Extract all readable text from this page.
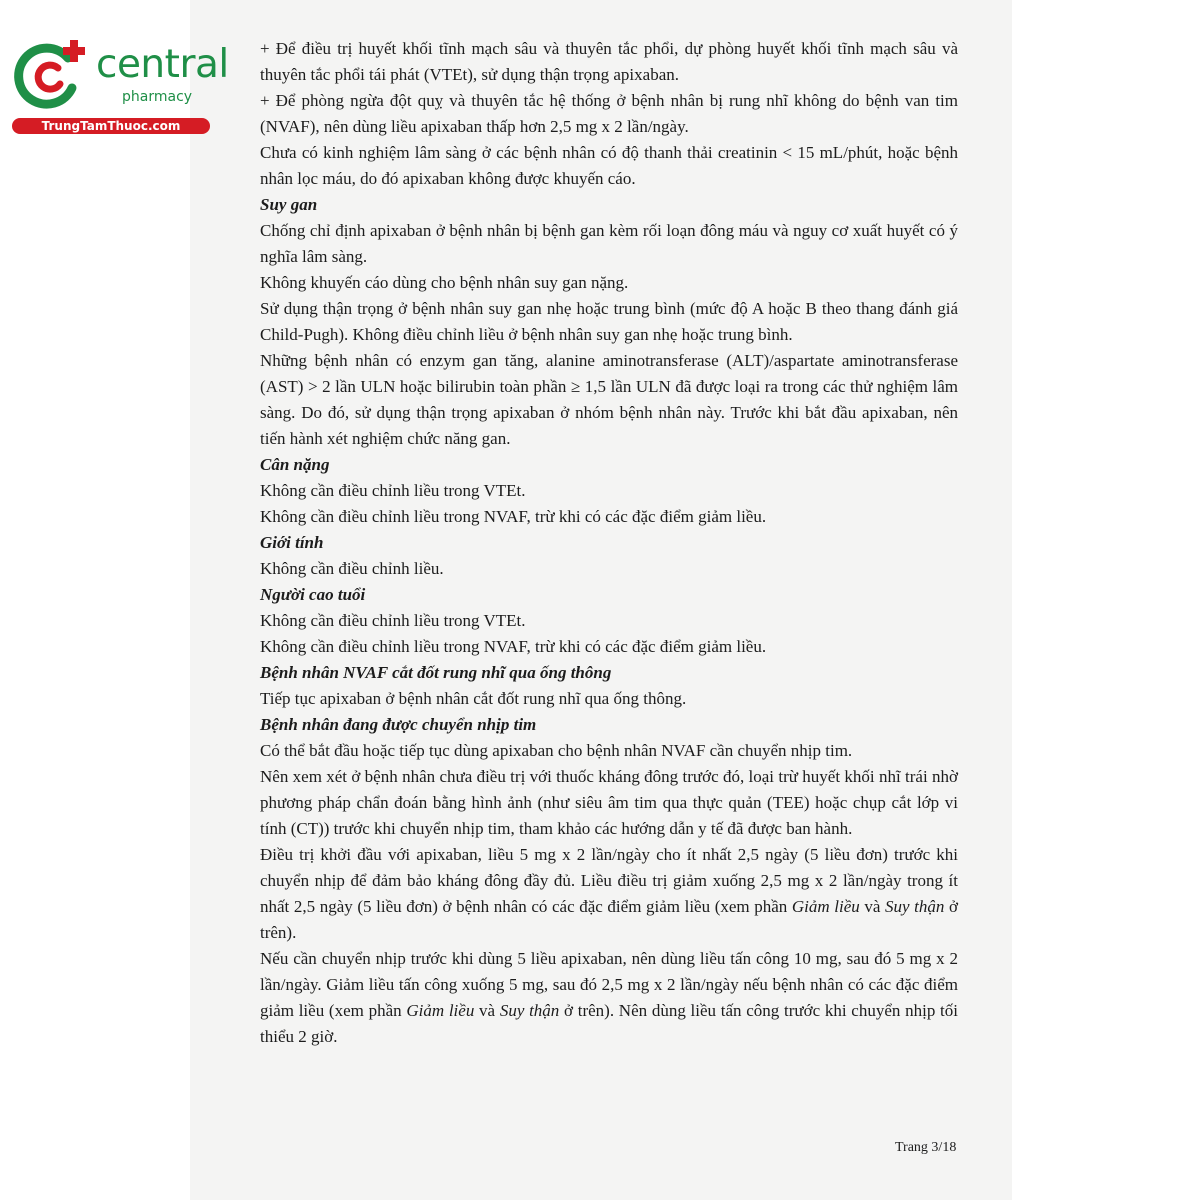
central
pharmacy
TrungTamThuoc.com

+ Để điều trị huyết khối tĩnh mạch sâu và thuyên tắc phổi, dự phòng huyết khối tĩnh mạch sâu và thuyên tắc phổi tái phát (VTEt), sử dụng thận trọng apixaban.

+ Để phòng ngừa đột quỵ và thuyên tắc hệ thống ở bệnh nhân bị rung nhĩ không do bệnh van tim (NVAF), nên dùng liều apixaban thấp hơn 2,5 mg x 2 lần/ngày.

Chưa có kinh nghiệm lâm sàng ở các bệnh nhân có độ thanh thải creatinin < 15 mL/phút, hoặc bệnh nhân lọc máu, do đó apixaban không được khuyến cáo.

Suy gan

Chống chỉ định apixaban ở bệnh nhân bị bệnh gan kèm rối loạn đông máu và nguy cơ xuất huyết có ý nghĩa lâm sàng.

Không khuyến cáo dùng cho bệnh nhân suy gan nặng.

Sử dụng thận trọng ở bệnh nhân suy gan nhẹ hoặc trung bình (mức độ A hoặc B theo thang đánh giá Child-Pugh). Không điều chỉnh liều ở bệnh nhân suy gan nhẹ hoặc trung bình.

Những bệnh nhân có enzym gan tăng, alanine aminotransferase (ALT)/aspartate aminotransferase (AST) > 2 lần ULN hoặc bilirubin toàn phần ≥ 1,5 lần ULN đã được loại ra trong các thử nghiệm lâm sàng. Do đó, sử dụng thận trọng apixaban ở nhóm bệnh nhân này. Trước khi bắt đầu apixaban, nên tiến hành xét nghiệm chức năng gan.

Cân nặng

Không cần điều chỉnh liều trong VTEt.

Không cần điều chỉnh liều trong NVAF, trừ khi có các đặc điểm giảm liều.

Giới tính

Không cần điều chỉnh liều.

Người cao tuổi

Không cần điều chỉnh liều trong VTEt.

Không cần điều chỉnh liều trong NVAF, trừ khi có các đặc điểm giảm liều.

Bệnh nhân NVAF cắt đốt rung nhĩ qua ống thông

Tiếp tục apixaban ở bệnh nhân cắt đốt rung nhĩ qua ống thông.

Bệnh nhân đang được chuyển nhịp tim

Có thể bắt đầu hoặc tiếp tục dùng apixaban cho bệnh nhân NVAF cần chuyển nhịp tim.

Nên xem xét ở bệnh nhân chưa điều trị với thuốc kháng đông trước đó, loại trừ huyết khối nhĩ trái nhờ phương pháp chẩn đoán bằng hình ảnh (như siêu âm tim qua thực quản (TEE) hoặc chụp cắt lớp vi tính (CT)) trước khi chuyển nhịp tim, tham khảo các hướng dẫn y tế đã được ban hành.

Điều trị khởi đầu với apixaban, liều 5 mg x 2 lần/ngày cho ít nhất 2,5 ngày (5 liều đơn) trước khi chuyển nhịp để đảm bảo kháng đông đầy đủ. Liều điều trị giảm xuống 2,5 mg x 2 lần/ngày trong ít nhất 2,5 ngày (5 liều đơn) ở bệnh nhân có các đặc điểm giảm liều (xem phần Giảm liều và Suy thận ở trên).

Nếu cần chuyển nhịp trước khi dùng 5 liều apixaban, nên dùng liều tấn công 10 mg, sau đó 5 mg x 2 lần/ngày. Giảm liều tấn công xuống 5 mg, sau đó 2,5 mg x 2 lần/ngày nếu bệnh nhân có các đặc điểm giảm liều (xem phần Giảm liều và Suy thận ở trên). Nên dùng liều tấn công trước khi chuyển nhịp tối thiểu 2 giờ.

Trang 3/18
